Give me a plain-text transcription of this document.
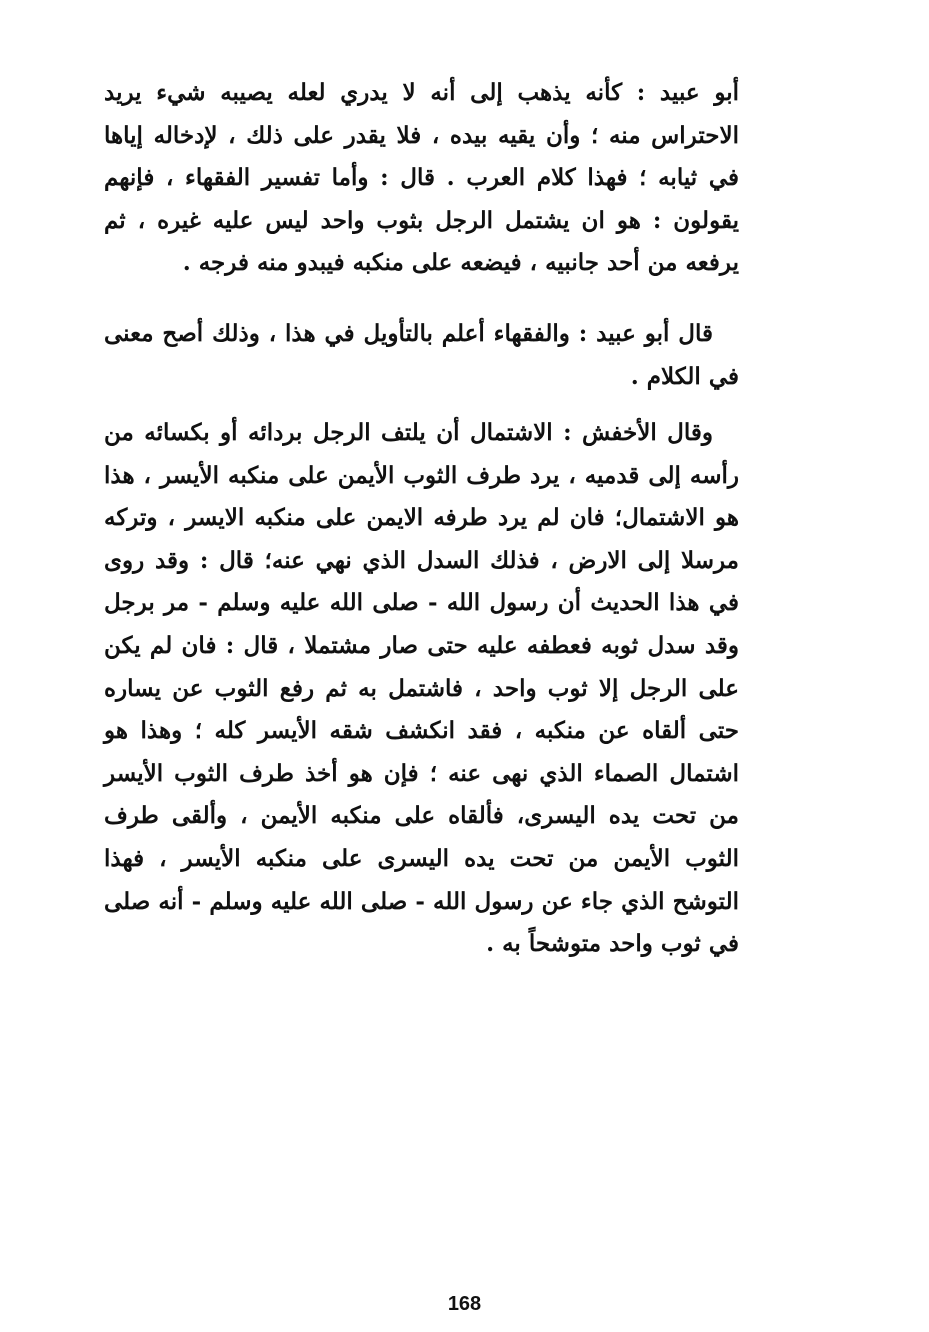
أبو عبيد : كأنه يذهب إلى أنه لا يدري لعله يصيبه شيء يريد الاحتراس منه ؛ وأن يقيه بيده ، فلا يقدر على ذلك ، لإدخاله إياها في ثيابه ؛ فهذا كلام العرب . قال : وأما تفسير الفقهاء ، فإنهم يقولون : هو ان يشتمل الرجل بثوب واحد ليس عليه غيره ، ثم يرفعه من أحد جانبيه ، فيضعه على منكبه فيبدو منه فرجه .

قال أبو عبيد : والفقهاء أعلم بالتأويل في هذا ، وذلك أصح معنى في الكلام .

وقال الأخفش : الاشتمال أن يلتف الرجل بردائه أو بكسائه من رأسه إلى قدميه ، يرد طرف الثوب الأيمن على منكبه الأيسر ، هذا هو الاشتمال؛ فان لم يرد طرفه الايمن على منكبه الايسر ، وتركه مرسلا إلى الارض ، فذلك السدل الذي نهي عنه؛ قال : وقد روى في هذا الحديث أن رسول الله - صلى الله عليه وسلم - مر برجل وقد سدل ثوبه فعطفه عليه حتى صار مشتملا ، قال : فان لم يكن على الرجل إلا ثوب واحد ، فاشتمل به ثم رفع الثوب عن يساره حتى ألقاه عن منكبه ، فقد انكشف شقه الأيسر كله ؛ وهذا هو اشتمال الصماء الذي نهى عنه ؛ فإن هو أخذ طرف الثوب الأيسر من تحت يده اليسرى، فألقاه على منكبه الأيمن ، وألقى طرف الثوب الأيمن من تحت يده اليسرى على منكبه الأيسر ، فهذا التوشح الذي جاء عن رسول الله - صلى الله عليه وسلم - أنه صلى في ثوب واحد متوشحاً به .

168
